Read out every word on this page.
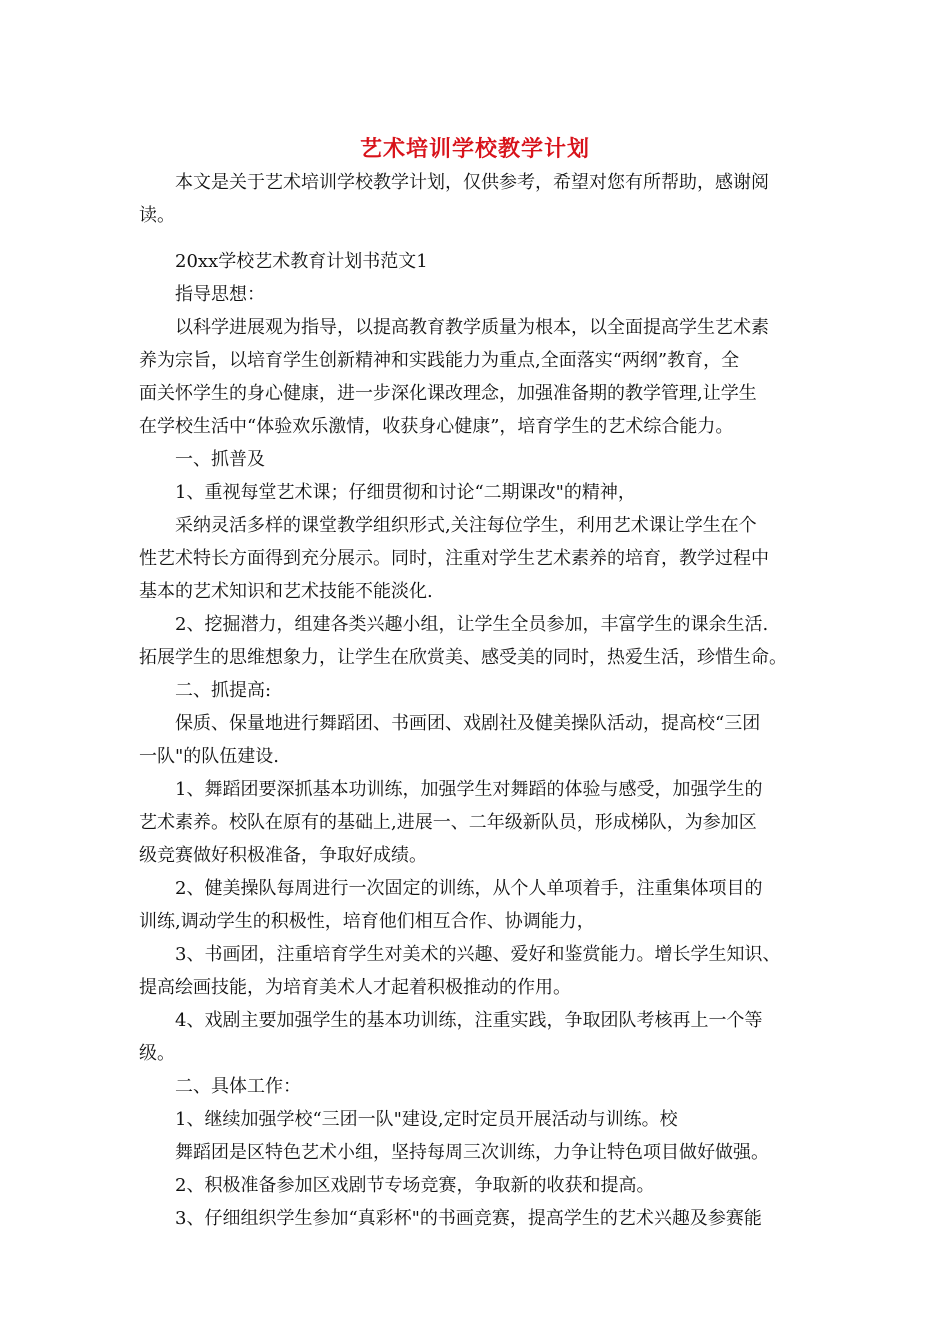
艺术培训学校教学计划

本文是关于艺术培训学校教学计划，仅供参考，希望对您有所帮助，感谢阅

读。

20xx学校艺术教育计划书范文1

指导思想：

以科学进展观为指导，以提高教育教学质量为根本，以全面提高学生艺术素

养为宗旨，以培育学生创新精神和实践能力为重点,全面落实“两纲”教育，全

面关怀学生的身心健康，进一步深化课改理念，加强准备期的教学管理,让学生

在学校生活中“体验欢乐激情，收获身心健康”，培育学生的艺术综合能力。

一、抓普及

1、重视每堂艺术课；仔细贯彻和讨论“二期课改"的精神，

采纳灵活多样的课堂教学组织形式,关注每位学生，利用艺术课让学生在个

性艺术特长方面得到充分展示。同时，注重对学生艺术素养的培育，教学过程中

基本的艺术知识和艺术技能不能淡化.

2、挖掘潜力，组建各类兴趣小组，让学生全员参加，丰富学生的课余生活.

拓展学生的思维想象力，让学生在欣赏美、感受美的同时，热爱生活，珍惜生命。

二、抓提高:

保质、保量地进行舞蹈团、书画团、戏剧社及健美操队活动，提高校“三团

一队"的队伍建设.

1、舞蹈团要深抓基本功训练，加强学生对舞蹈的体验与感受，加强学生的

艺术素养。校队在原有的基础上,进展一、二年级新队员，形成梯队，为参加区

级竞赛做好积极准备，争取好成绩。

2、健美操队每周进行一次固定的训练，从个人单项着手，注重集体项目的

训练,调动学生的积极性，培育他们相互合作、协调能力，

3、书画团，注重培育学生对美术的兴趣、爱好和鉴赏能力。增长学生知识、

提高绘画技能，为培育美术人才起着积极推动的作用。

4、戏剧主要加强学生的基本功训练，注重实践，争取团队考核再上一个等

级。

二、具体工作：

1、继续加强学校“三团一队"建设,定时定员开展活动与训练。校

舞蹈团是区特色艺术小组，坚持每周三次训练，力争让特色项目做好做强。

2、积极准备参加区戏剧节专场竞赛，争取新的收获和提高。

3、仔细组织学生参加“真彩杯"的书画竞赛，提高学生的艺术兴趣及参赛能
